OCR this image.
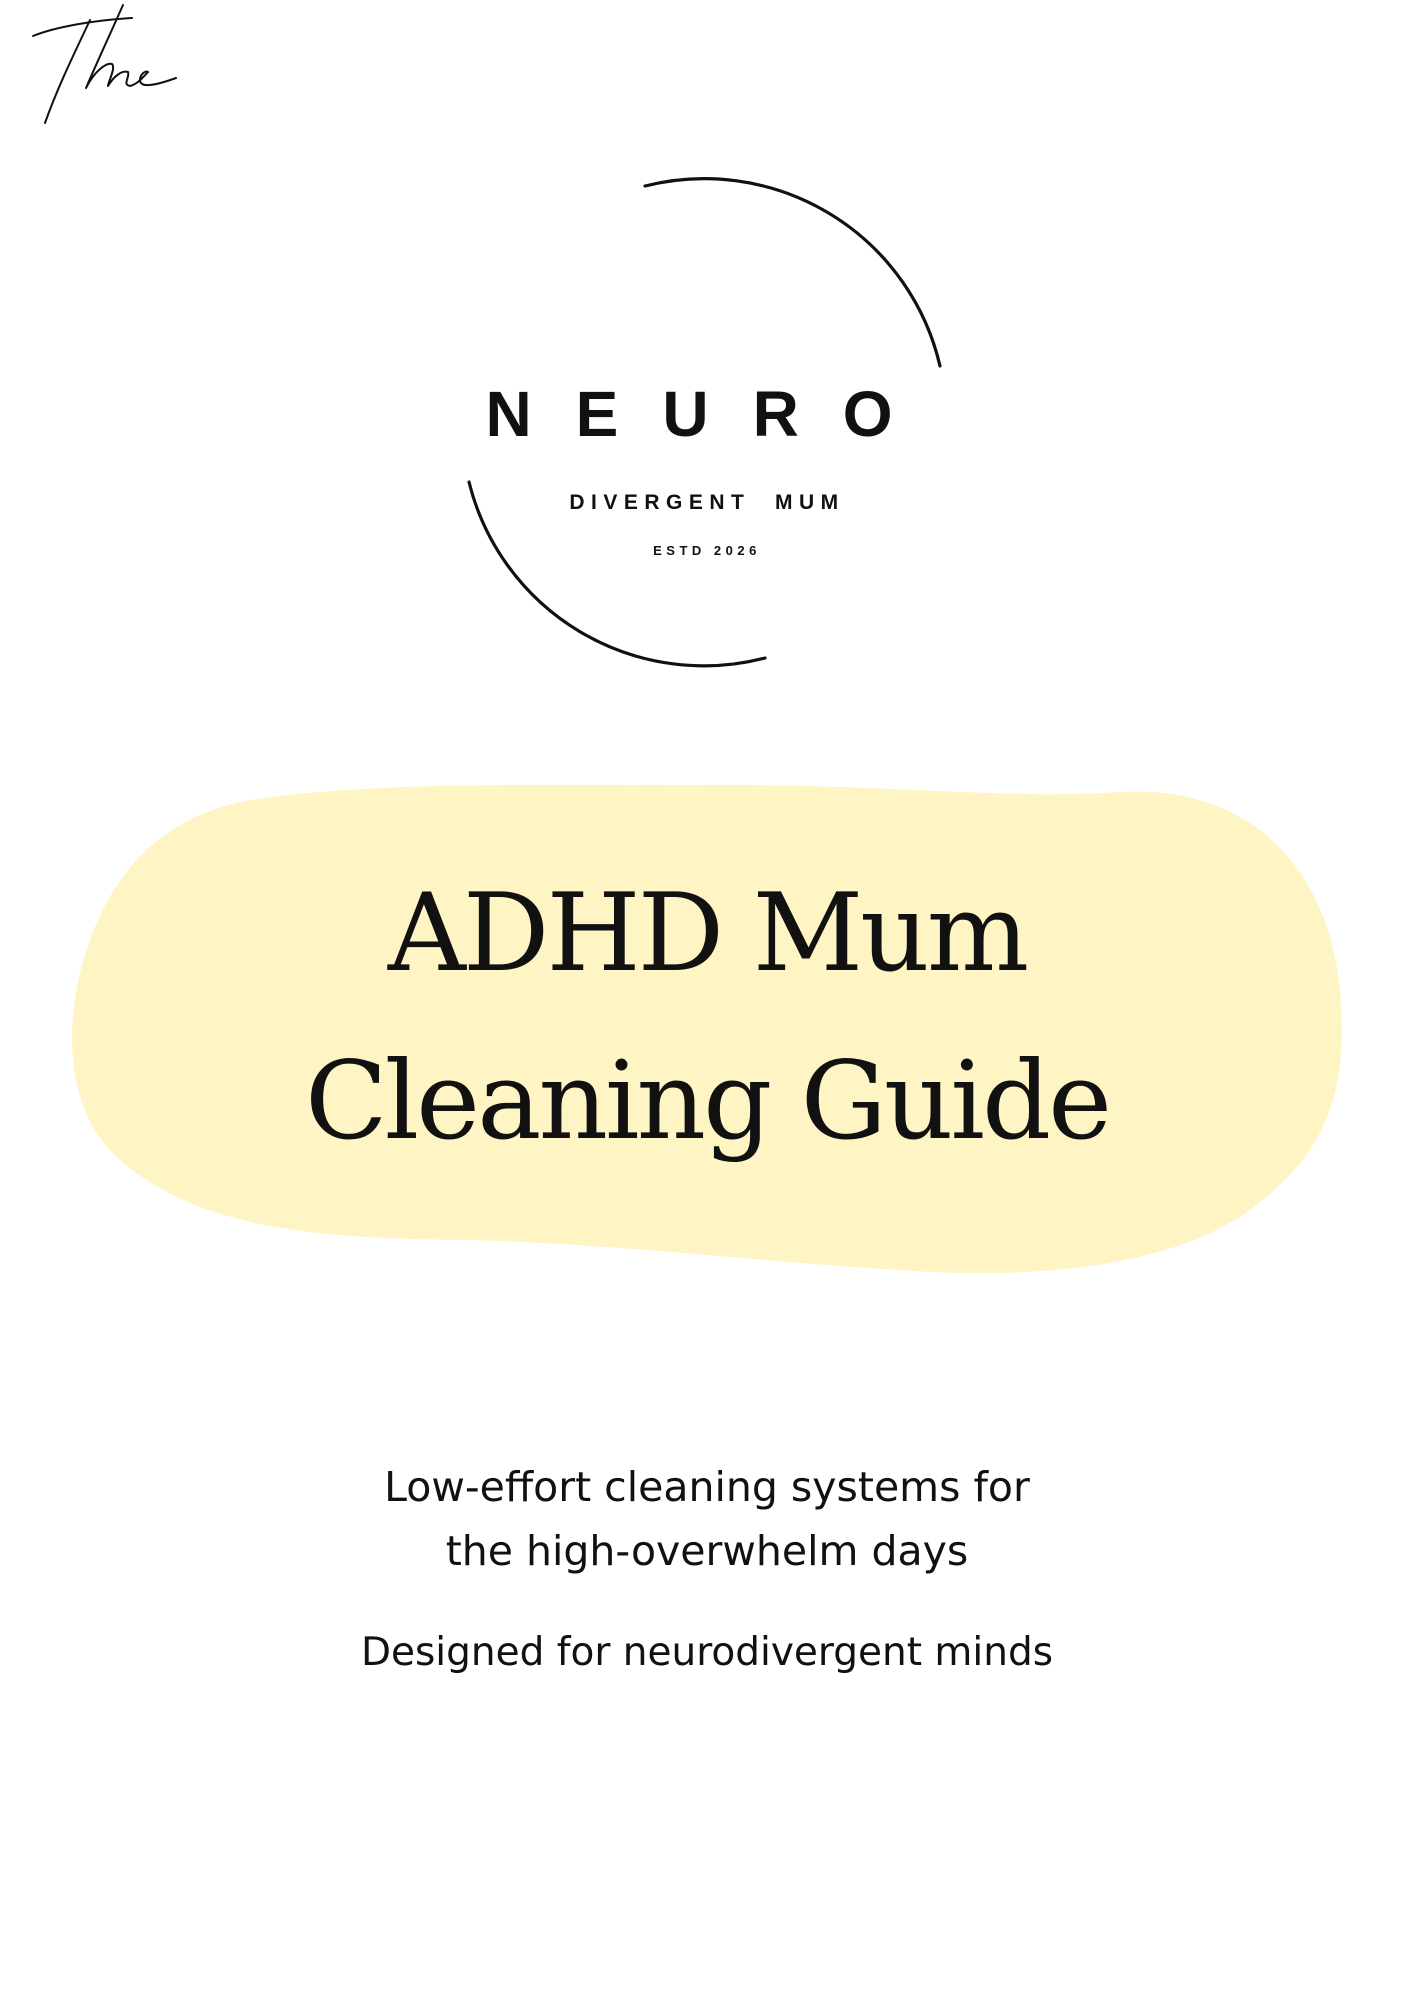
NEURO
DIVERGENT  MUM
ESTD 2026
ADHD Mum
Cleaning Guide
Low-effort cleaning systems for
the high-overwhelm days
Designed for neurodivergent minds
